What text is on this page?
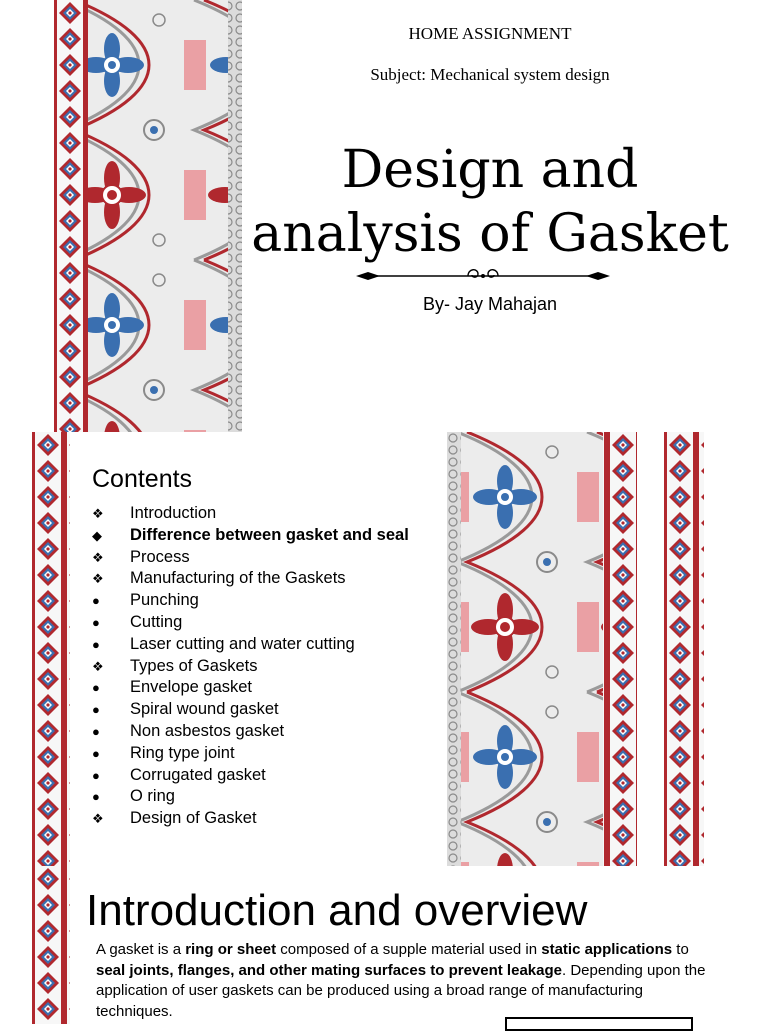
HOME ASSIGNMENT
Subject: Mechanical system design
Design and
analysis of Gasket
By- Jay Mahajan
Contents
❖ Introduction
◆ Difference between gasket and seal
❖ Process
❖ Manufacturing of the Gaskets
● Punching
● Cutting
● Laser cutting and water cutting
❖ Types of Gaskets
● Envelope gasket
● Spiral wound gasket
● Non asbestos gasket
● Ring type joint
● Corrugated gasket
● O ring
❖ Design of Gasket
Introduction and overview
A gasket is a ring or sheet composed of a supple material used in static applications to seal joints, flanges, and other mating surfaces to prevent leakage. Depending upon the application of user gaskets can be produced using a broad range of manufacturing techniques.
